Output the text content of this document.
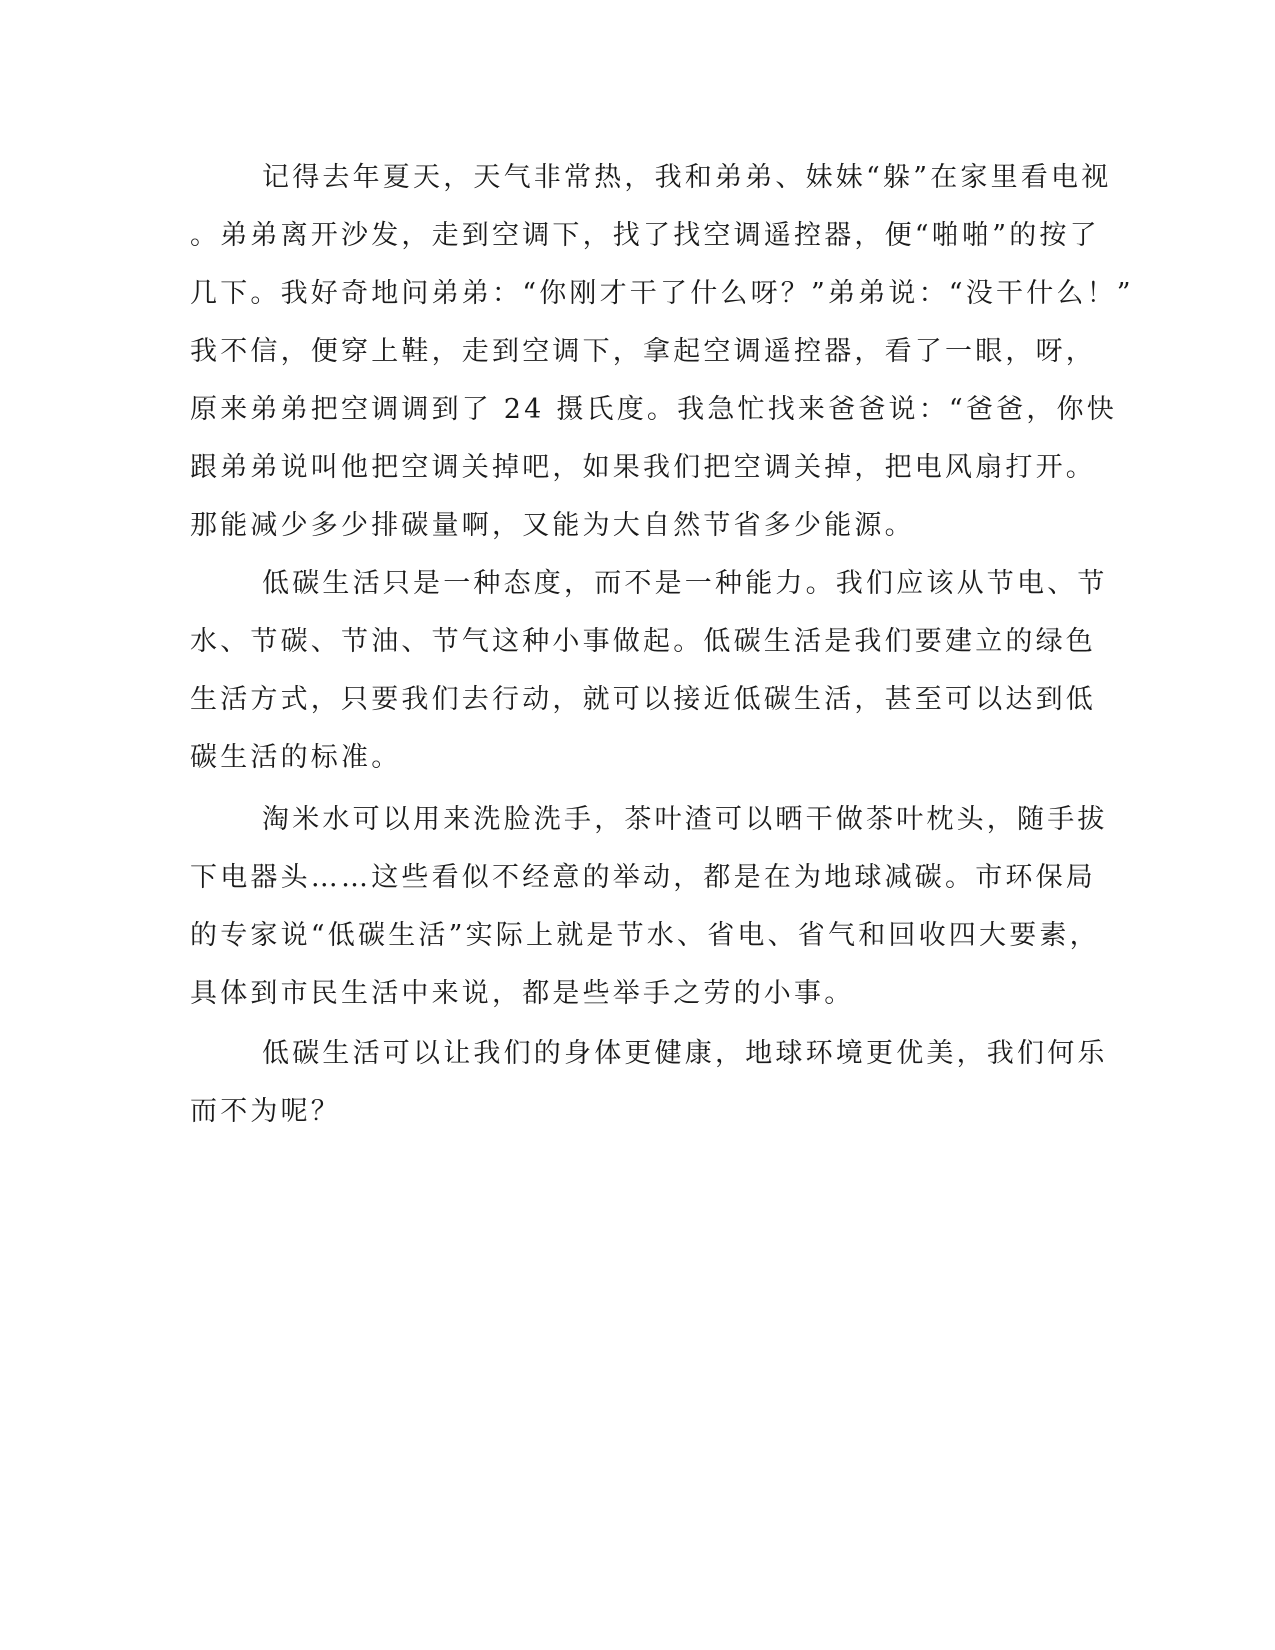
记得去年夏天，天气非常热，我和弟弟、妹妹“躲”在家里看电视
。弟弟离开沙发，走到空调下，找了找空调遥控器，便“啪啪”的按了
几下。我好奇地问弟弟：“你刚才干了什么呀？”弟弟说：“没干什么！”
我不信，便穿上鞋，走到空调下，拿起空调遥控器，看了一眼，呀，
原来弟弟把空调调到了 24 摄氏度。我急忙找来爸爸说：“爸爸，你快
跟弟弟说叫他把空调关掉吧，如果我们把空调关掉，把电风扇打开。
那能减少多少排碳量啊，又能为大自然节省多少能源。
低碳生活只是一种态度，而不是一种能力。我们应该从节电、节
水、节碳、节油、节气这种小事做起。低碳生活是我们要建立的绿色
生活方式，只要我们去行动，就可以接近低碳生活，甚至可以达到低
碳生活的标准。
淘米水可以用来洗脸洗手，茶叶渣可以晒干做茶叶枕头，随手拔
下电器头……这些看似不经意的举动，都是在为地球减碳。市环保局
的专家说“低碳生活”实际上就是节水、省电、省气和回收四大要素，
具体到市民生活中来说，都是些举手之劳的小事。
低碳生活可以让我们的身体更健康，地球环境更优美，我们何乐
而不为呢？
